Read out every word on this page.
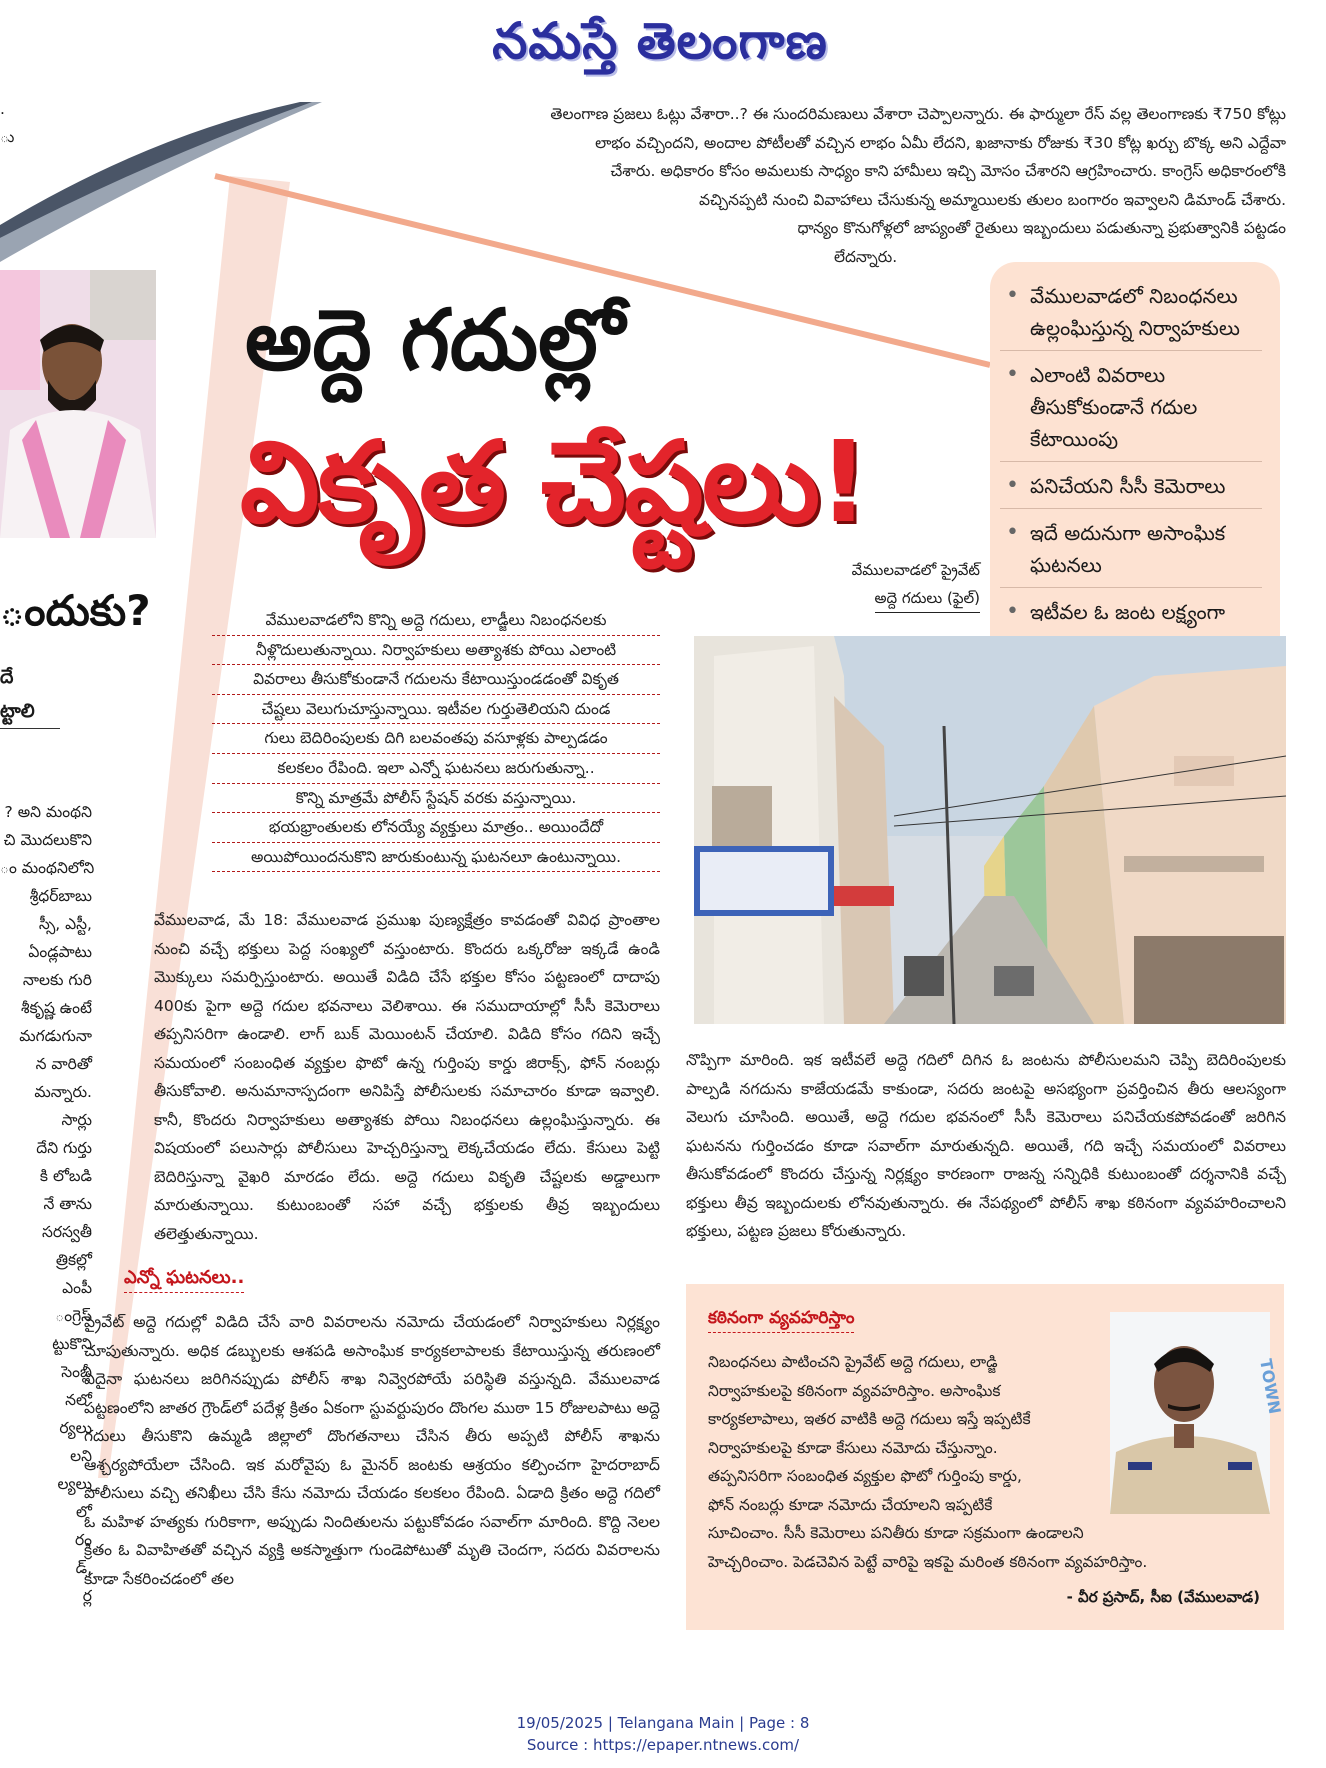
నమస్తే తెలంగాణ
.
ు
ందుకు?
దే
ట్టాలి
? అని మంథని
చి మొదలుకొని
ం మంథనిలోని
శ్రీధర్‌బాబు
స్సీ, ఎస్టీ,
ఏండ్లపాటు
నాలకు గురి
శీకృష్ణ ఉంటే
మగడుగునా
న వారితో
మన్నారు.
సార్లు
దేని గుర్తు
కి లోబడి
నే తాను
సరస్వతీ
త్రికల్లో
ఎంపీ
ంగ్రెస్
ట్టుకొని
సెంబ్లీ
నలో
ర్యలు
లని
ల్యలు
లో
రం
డ్,
ర్ల
తెలంగాణ ప్రజలు ఓట్లు వేశారా..? ఈ సుందరిమణులు వేశారా చెప్పాలన్నారు. ఈ ఫార్ములా రేస్ వల్ల తెలంగాణకు ₹750 కోట్లు
లాభం వచ్చిందని, అందాల పోటీలతో వచ్చిన లాభం ఏమీ లేదని, ఖజానాకు రోజుకు ₹30 కోట్ల ఖర్చు బొక్క అని ఎద్దేవా
చేశారు. అధికారం కోసం అమలుకు సాధ్యం కాని హామీలు ఇచ్చి మోసం చేశారని ఆగ్రహించారు. కాంగ్రెస్ అధికారంలోకి
వచ్చినప్పటి నుంచి వివాహాలు చేసుకున్న అమ్మాయిలకు తులం బంగారం ఇవ్వాలని డిమాండ్ చేశారు.
ధాన్యం కొనుగోళ్లలో జాప్యంతో రైతులు ఇబ్బందులు పడుతున్నా ప్రభుత్వానికి పట్టడం
లేదన్నారు.
అద్దె గదుల్లో
వికృత చేష్టలు!
• వేములవాడలో నిబంధనలు ఉల్లంఘిస్తున్న నిర్వాహకులు
• ఎలాంటి వివరాలు తీసుకోకుండానే గదుల కేటాయింపు
• పనిచేయని సీసీ కెమెరాలు
• ఇదే అదునుగా అసాంఘిక ఘటనలు
• ఇటీవల ఓ జంట లక్ష్యంగా
వేములవాడలో ప్రైవేట్
అద్దె గదులు (ఫైల్)
వేములవాడలోని కొన్ని అద్దె గదులు, లాడ్జీలు నిబంధనలకు
నీళ్లొదులుతున్నాయి. నిర్వాహకులు అత్యాశకు పోయి ఎలాంటి
వివరాలు తీసుకోకుండానే గదులను కేటాయిస్తుండడంతో వికృత
చేష్టలు వెలుగుచూస్తున్నాయి. ఇటీవల గుర్తుతెలియని దుండ
గులు బెదిరింపులకు దిగి బలవంతపు వసూళ్లకు పాల్పడడం
కలకలం రేపింది. ఇలా ఎన్నో ఘటనలు జరుగుతున్నా..
కొన్ని మాత్రమే పోలీస్ స్టేషన్ వరకు వస్తున్నాయి.
భయభ్రాంతులకు లోనయ్యే వ్యక్తులు మాత్రం.. అయిందేదో
అయిపోయిందనుకొని జారుకుంటున్న ఘటనలూ ఉంటున్నాయి.
వేములవాడ, మే 18: వేములవాడ ప్రముఖ పుణ్యక్షేత్రం కావడంతో వివిధ ప్రాంతాల నుంచి వచ్చే భక్తులు పెద్ద సంఖ్యలో వస్తుంటారు. కొందరు ఒక్కరోజు ఇక్కడే ఉండి మొక్కులు సమర్పిస్తుంటారు. అయితే విడిది చేసే భక్తుల కోసం పట్టణంలో దాదాపు 400కు పైగా అద్దె గదుల భవనాలు వెలిశాయి. ఈ సముదాయాల్లో సీసీ కెమెరాలు తప్పనిసరిగా ఉండాలి. లాగ్ బుక్ మెయింటన్ చేయాలి. విడిది కోసం గదిని ఇచ్చే సమయంలో సంబంధిత వ్యక్తుల ఫొటో ఉన్న గుర్తింపు కార్డు జిరాక్స్, ఫోన్ నంబర్లు తీసుకోవాలి. అనుమానాస్పదంగా అనిపిస్తే పోలీసులకు సమాచారం కూడా ఇవ్వాలి. కానీ, కొందరు నిర్వాహకులు అత్యాశకు పోయి నిబంధనలు ఉల్లంఘిస్తున్నారు. ఈ విషయంలో పలుసార్లు పోలీసులు హెచ్చరిస్తున్నా లెక్కచేయడం లేదు. కేసులు పెట్టి బెదిరిస్తున్నా వైఖరి మారడం లేదు. అద్దె గదులు వికృతి చేష్టలకు అడ్డాలుగా మారుతున్నాయి. కుటుంబంతో సహా వచ్చే భక్తులకు తీవ్ర ఇబ్బందులు తలెత్తుతున్నాయి.
ఎన్నో ఘటనలు..
ప్రైవేట్ అద్దె గదుల్లో విడిది చేసే వారి వివరాలను నమోదు చేయడంలో నిర్వాహకులు నిర్లక్ష్యం చూపుతున్నారు. అధిక డబ్బులకు ఆశపడి అసాంఘిక కార్యకలాపాలకు కేటాయిస్తున్న తరుణంలో ఏదైనా ఘటనలు జరిగినప్పుడు పోలీస్ శాఖ నివ్వెరపోయే పరిస్థితి వస్తున్నది. వేములవాడ పట్టణంలోని జాతర గ్రౌండ్‌లో పదేళ్ల క్రితం ఏకంగా స్టువర్టుపురం దొంగల ముఠా 15 రోజులపాటు అద్దె గదులు తీసుకొని ఉమ్మడి జిల్లాలో దొంగతనాలు చేసిన తీరు అప్పటి పోలీస్ శాఖను ఆశ్చర్యపోయేలా చేసింది. ఇక మరోవైపు ఓ మైనర్ జంటకు ఆశ్రయం కల్పించగా హైదరాబాద్ పోలీసులు వచ్చి తనిఖీలు చేసి కేసు నమోదు చేయడం కలకలం రేపింది. ఏడాది క్రితం అద్దె గదిలో ఓ మహిళ హత్యకు గురికాగా, అప్పుడు నిందితులను పట్టుకోవడం సవాల్‌గా మారింది. కొద్ది నెలల క్రితం ఓ వివాహితతో వచ్చిన వ్యక్తి అకస్మాత్తుగా గుండెపోటుతో మృతి చెందగా, సదరు వివరాలను కూడా సేకరించడంలో తల
నొప్పిగా మారింది. ఇక ఇటీవలే అద్దె గదిలో దిగిన ఓ జంటను పోలీసులమని చెప్పి బెదిరింపులకు పాల్పడి నగదును కాజేయడమే కాకుండా, సదరు జంటపై అసభ్యంగా ప్రవర్తించిన తీరు ఆలస్యంగా వెలుగు చూసింది. అయితే, అద్దె గదుల భవనంలో సీసీ కెమెరాలు పనిచేయకపోవడంతో జరిగిన ఘటనను గుర్తించడం కూడా సవాల్‌గా మారుతున్నది. అయితే, గది ఇచ్చే సమయంలో వివరాలు తీసుకోవడంలో కొందరు చేస్తున్న నిర్లక్ష్యం కారణంగా రాజన్న సన్నిధికి కుటుంబంతో దర్శనానికి వచ్చే భక్తులు తీవ్ర ఇబ్బందులకు లోనవుతున్నారు. ఈ నేపథ్యంలో పోలీస్ శాఖ కఠినంగా వ్యవహరించాలని భక్తులు, పట్టణ ప్రజలు కోరుతున్నారు.
కఠినంగా వ్యవహరిస్తాం
TOWN
నిబంధనలు పాటించని ప్రైవేట్ అద్దె గదులు, లాడ్జి
నిర్వాహకులపై కఠినంగా వ్యవహరిస్తాం. అసాంఘిక
కార్యకలాపాలు, ఇతర వాటికి అద్దె గదులు ఇస్తే ఇప్పటికే
నిర్వాహకులపై కూడా కేసులు నమోదు చేస్తున్నాం.
తప్పనిసరిగా సంబంధిత వ్యక్తుల ఫొటో గుర్తింపు కార్డు,
ఫోన్ నంబర్లు కూడా నమోదు చేయాలని ఇప్పటికే
సూచించాం. సీసీ కెమెరాలు పనితీరు కూడా సక్రమంగా ఉండాలని
హెచ్చరించాం. పెడచెవిన పెట్టే వారిపై ఇకపై మరింత కఠినంగా వ్యవహరిస్తాం.
- వీర ప్రసాద్, సీఐ (వేములవాడ)
19/05/2025 | Telangana Main | Page : 8
Source : https://epaper.ntnews.com/
